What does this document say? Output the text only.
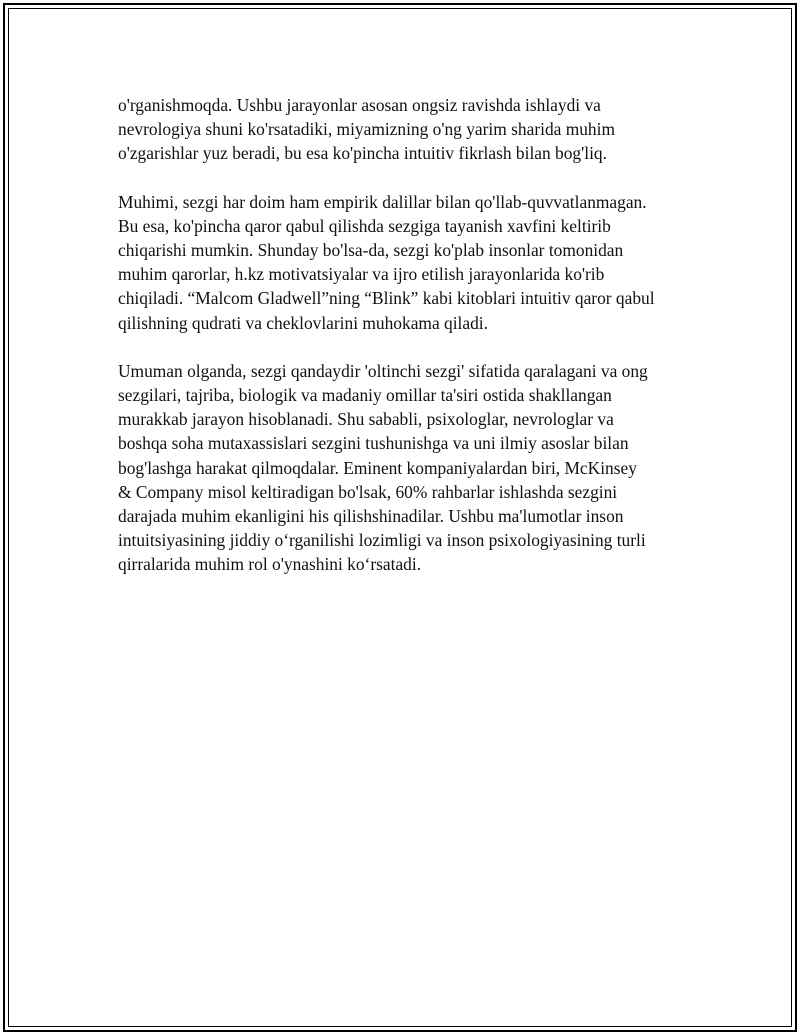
o'rganishmoqda. Ushbu jarayonlar asosan ongsiz ravishda ishlaydi va
nevrologiya shuni ko'rsatadiki, miyamizning o'ng yarim sharida muhim
o'zgarishlar yuz beradi, bu esa ko'pincha intuitiv fikrlash bilan bog'liq.

Muhimi, sezgi har doim ham empirik dalillar bilan qo'llab-quvvatlanmagan.
Bu esa, ko'pincha qaror qabul qilishda sezgiga tayanish xavfini keltirib
chiqarishi mumkin. Shunday bo'lsa-da, sezgi ko'plab insonlar tomonidan
muhim qarorlar, h.kz motivatsiyalar va ijro etilish jarayonlarida ko'rib
chiqiladi. “Malcom Gladwell”ning “Blink” kabi kitoblari intuitiv qaror qabul
qilishning qudrati va cheklovlarini muhokama qiladi.

Umuman olganda, sezgi qandaydir 'oltinchi sezgi' sifatida qaralagani va ong
sezgilari, tajriba, biologik va madaniy omillar ta'siri ostida shakllangan
murakkab jarayon hisoblanadi. Shu sababli, psixologlar, nevrologlar va
boshqa soha mutaxassislari sezgini tushunishga va uni ilmiy asoslar bilan
bog'lashga harakat qilmoqdalar. Eminent kompaniyalardan biri, McKinsey
& Company misol keltiradigan bo'lsak, 60% rahbarlar ishlashda sezgini
darajada muhim ekanligini his qilishshinadilar. Ushbu ma'lumotlar inson
intuitsiyasining jiddiy o‘rganilishi lozimligi va inson psixologiyasining turli
qirralarida muhim rol o'ynashini ko‘rsatadi.
